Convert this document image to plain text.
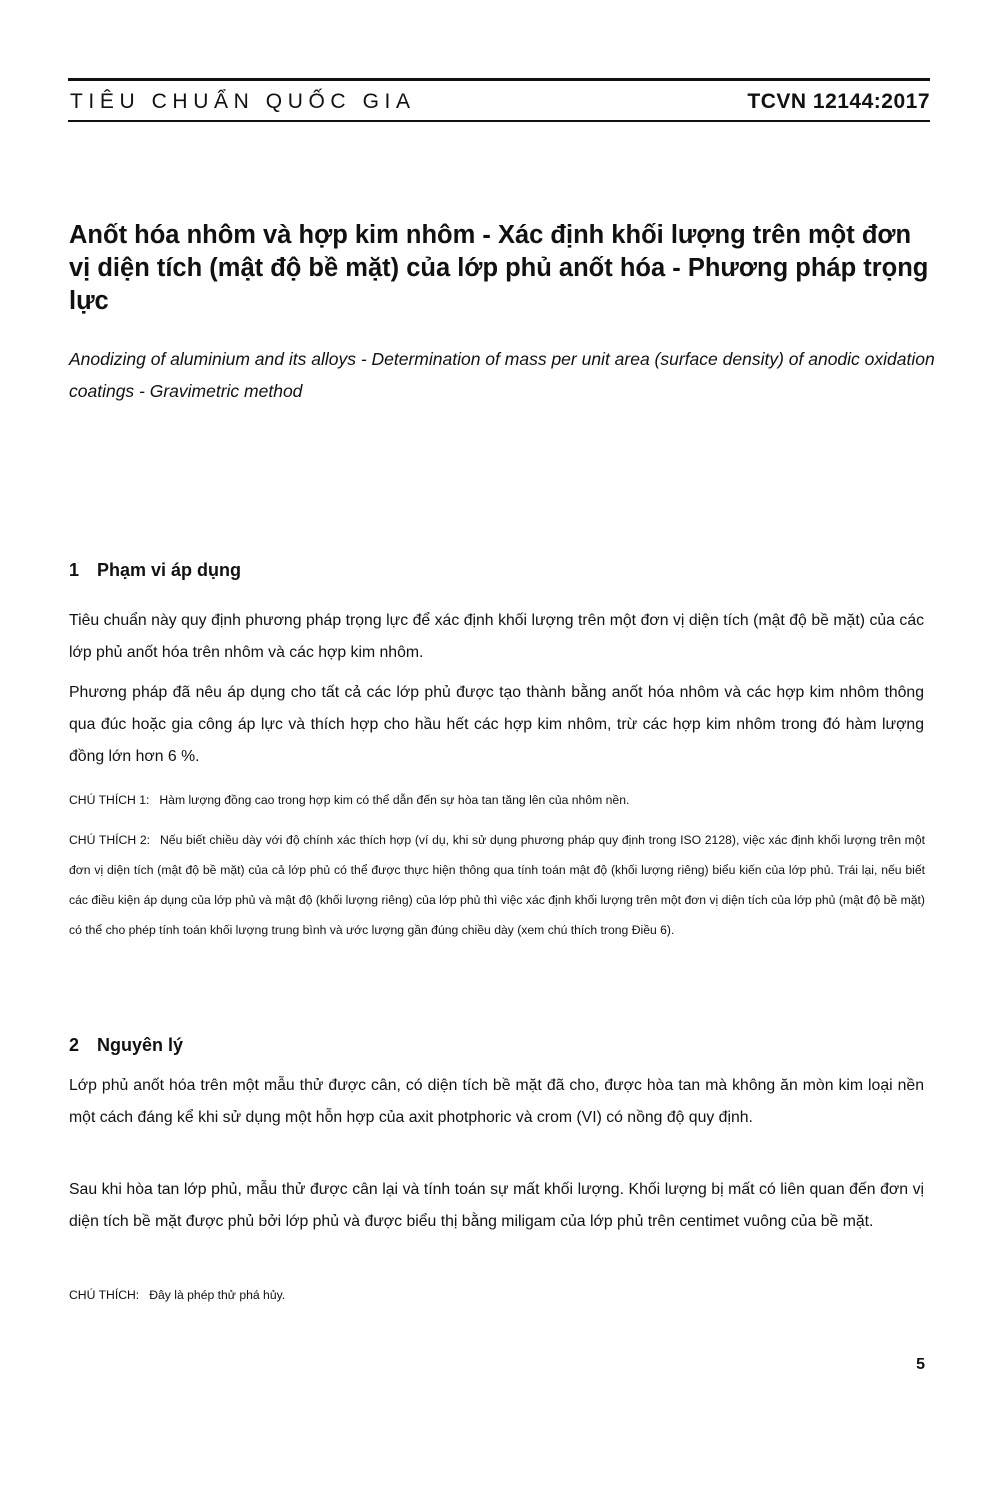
TIÊU CHUẨN QUỐC GIA	TCVN 12144:2017
Anốt hóa nhôm và hợp kim nhôm - Xác định khối lượng trên một đơn vị diện tích (mật độ bề mặt) của lớp phủ anốt hóa - Phương pháp trọng lực

Anodizing of aluminium and its alloys - Determination of mass per unit area (surface density) of anodic oxidation coatings - Gravimetric method

1 Phạm vi áp dụng

Tiêu chuẩn này quy định phương pháp trọng lực để xác định khối lượng trên một đơn vị diện tích (mật độ bề mặt) của các lớp phủ anốt hóa trên nhôm và các hợp kim nhôm.

Phương pháp đã nêu áp dụng cho tất cả các lớp phủ được tạo thành bằng anốt hóa nhôm và các hợp kim nhôm thông qua đúc hoặc gia công áp lực và thích hợp cho hầu hết các hợp kim nhôm, trừ các hợp kim nhôm trong đó hàm lượng đồng lớn hơn 6 %.

CHÚ THÍCH 1: Hàm lượng đồng cao trong hợp kim có thể dẫn đến sự hòa tan tăng lên của nhôm nền.

CHÚ THÍCH 2: Nếu biết chiều dày với độ chính xác thích hợp (ví dụ, khi sử dụng phương pháp quy định trong ISO 2128), việc xác định khối lượng trên một đơn vị diện tích (mật độ bề mặt) của cả lớp phủ có thể được thực hiện thông qua tính toán mật độ (khối lượng riêng) biểu kiến của lớp phủ. Trái lại, nếu biết các điều kiện áp dụng của lớp phủ và mật độ (khối lượng riêng) của lớp phủ thì việc xác định khối lượng trên một đơn vị diện tích của lớp phủ (mật độ bề mặt) có thể cho phép tính toán khối lượng trung bình và ước lượng gần đúng chiều dày (xem chú thích trong Điều 6).

2 Nguyên lý

Lớp phủ anốt hóa trên một mẫu thử được cân, có diện tích bề mặt đã cho, được hòa tan mà không ăn mòn kim loại nền một cách đáng kể khi sử dụng một hỗn hợp của axit photphoric và crom (VI) có nồng độ quy định.

Sau khi hòa tan lớp phủ, mẫu thử được cân lại và tính toán sự mất khối lượng. Khối lượng bị mất có liên quan đến đơn vị diện tích bề mặt được phủ bởi lớp phủ và được biểu thị bằng miligam của lớp phủ trên centimet vuông của bề mặt.

CHÚ THÍCH: Đây là phép thử phá hủy.

5
